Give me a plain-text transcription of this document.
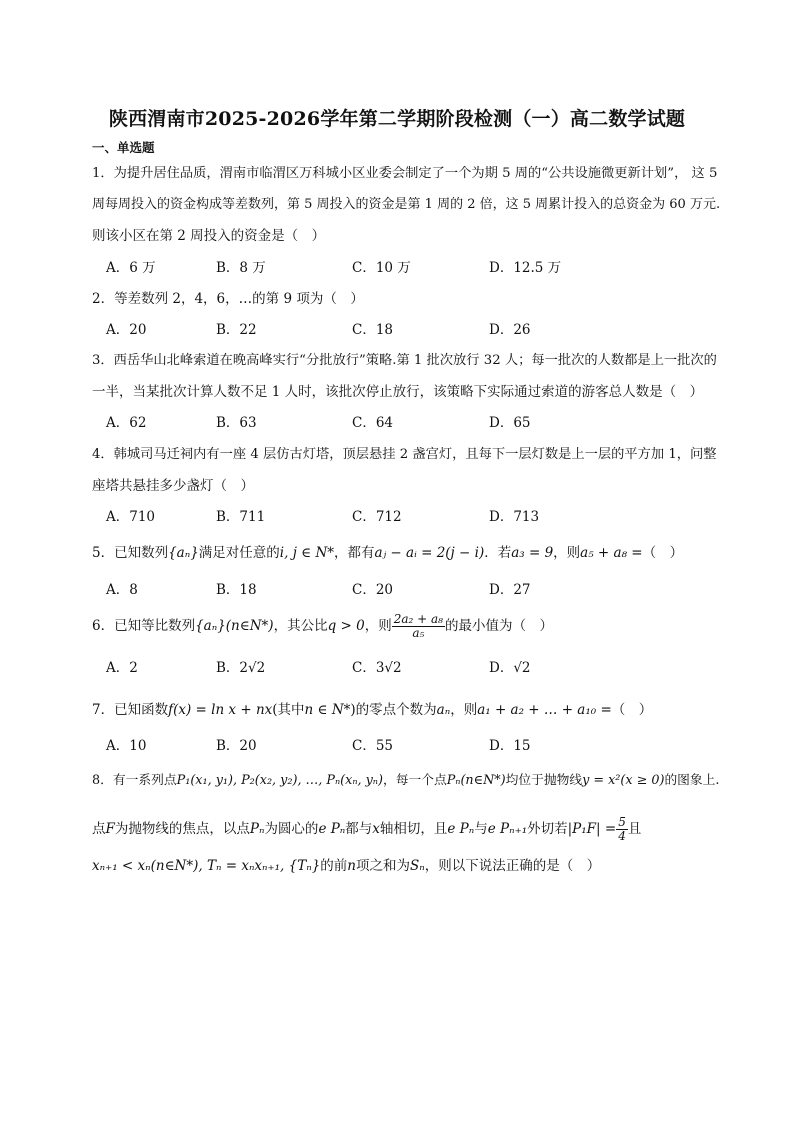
陕西渭南市2025-2026学年第二学期阶段检测（一）高二数学试题
一、单选题
1．为提升居住品质，渭南市临渭区万科城小区业委会制定了一个为期 5 周的“公共设施微更新计划”， 这 5
周每周投入的资金构成等差数列，第 5 周投入的资金是第 1 周的 2 倍，这 5 周累计投入的总资金为 60 万元.
则该小区在第 2 周投入的资金是（　）
A．6 万	B．8 万	C．10 万	D．12.5 万
2．等差数列 2，4，6，…的第 9 项为（　）
A．20	B．22	C．18	D．26
3．西岳华山北峰索道在晚高峰实行“分批放行”策略.第 1 批次放行 32 人；每一批次的人数都是上一批次的
一半，当某批次计算人数不足 1 人时，该批次停止放行，该策略下实际通过索道的游客总人数是（　）
A．62	B．63	C．64	D．65
4．韩城司马迁祠内有一座 4 层仿古灯塔，顶层悬挂 2 盏宫灯，且每下一层灯数是上一层的平方加 1，问整
座塔共悬挂多少盏灯（　）
A．710	B．711	C．712	D．713
5．已知数列{aₙ}满足对任意的i, j ∈ N*，都有aⱼ − aᵢ = 2(j − i)．若a₃ = 9，则a₅ + a₈ =（　）
A．8	B．18	C．20	D．27
6．已知等比数列{aₙ}(n∈N*)，其公比q > 0，则 $\frac{\text{2a₂ + a₈}}{\text{a₅}}$ 的最小值为（　）
A．2	B．2√2	C．3√2	D．√2
7．已知函数f(x) = ln x + nx(其中n ∈ N*)的零点个数为aₙ，则a₁ + a₂ + … + a₁₀ =（　）
A．10	B．20	C．55	D．15
8．有一系列点P₁(x₁, y₁), P₂(x₂, y₂), …, Pₙ(xₙ, yₙ)，每一个点Pₙ(n∈N*)均位于抛物线y = x²(x ≥ 0)的图象上.
点F为抛物线的焦点，以点Pₙ为圆心的e Pₙ都与x轴相切，且e Pₙ与e Pₙ₊₁外切若$|P_1F| = \frac{5}{4}$ 且
xₙ₊₁ < xₙ(n∈N*), Tₙ = xₙxₙ₊₁, {Tₙ}的前n项之和为Sₙ，则以下说法正确的是（　）
